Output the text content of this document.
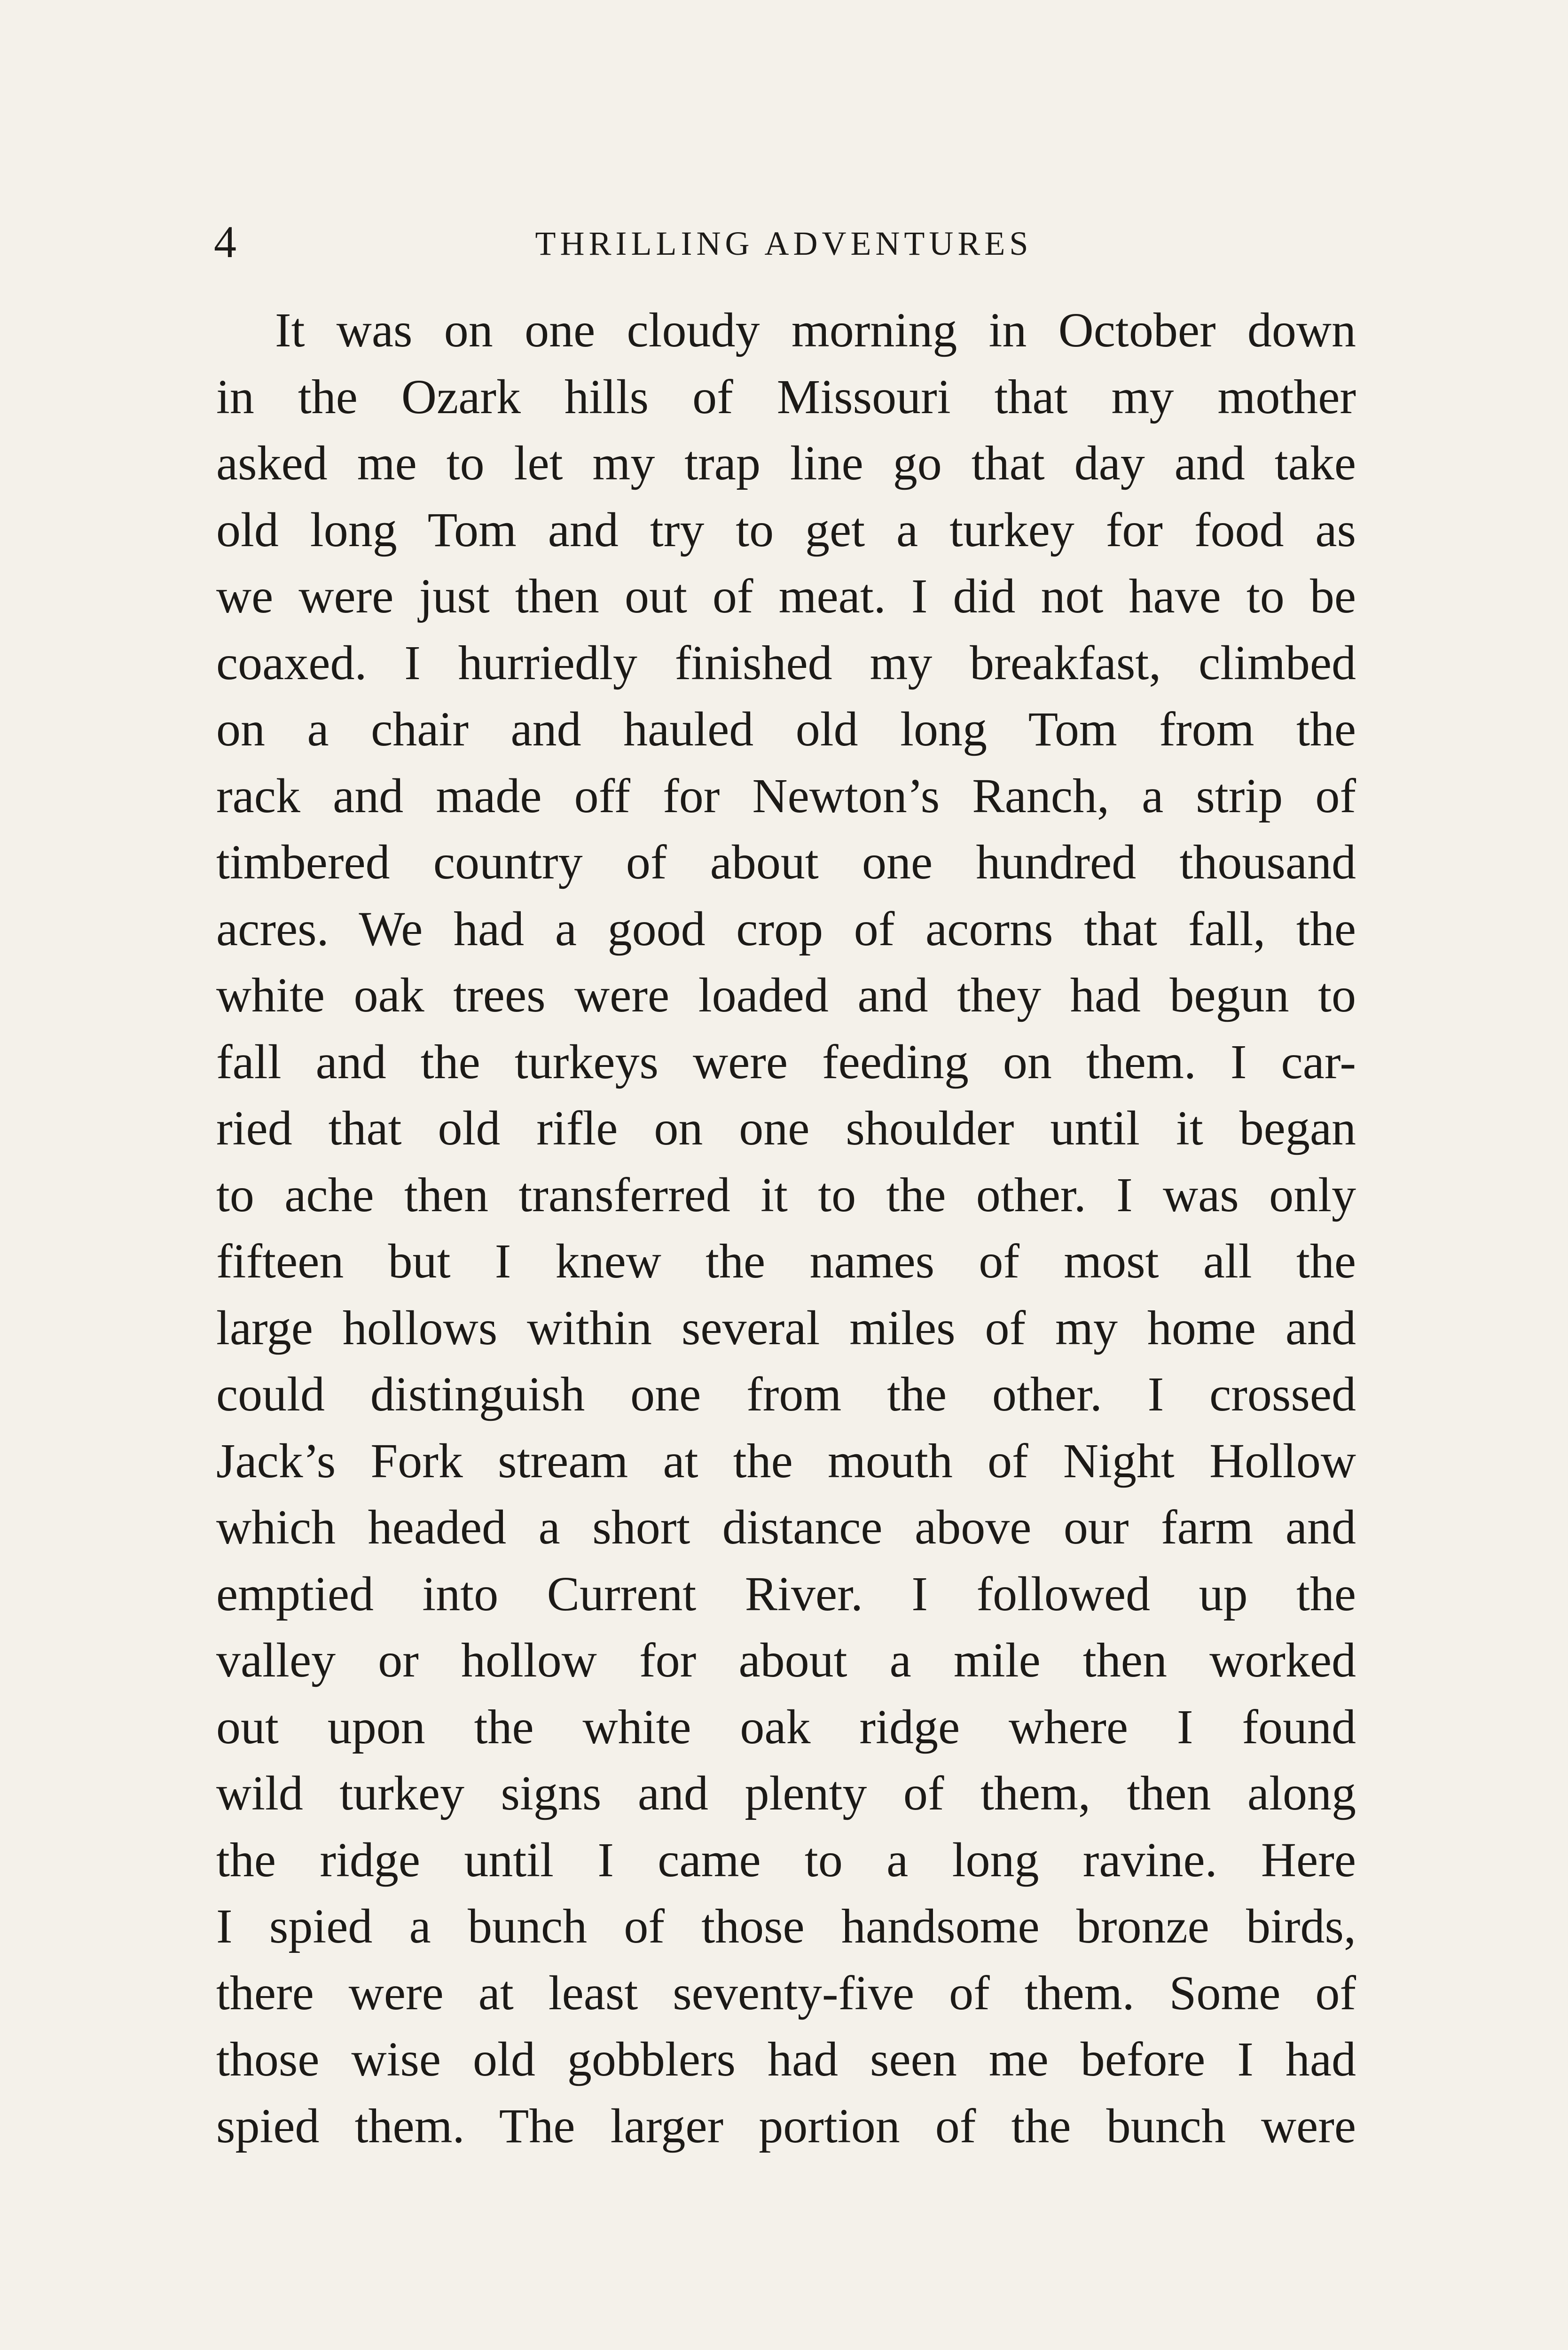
4	THRILLING ADVENTURES
It was on one cloudy morning in October down
in the Ozark hills of Missouri that my mother
asked me to let my trap line go that day and take
old long Tom and try to get a turkey for food as
we were just then out of meat. I did not have to be
coaxed. I hurriedly finished my breakfast, climbed
on a chair and hauled old long Tom from the
rack and made off for Newton’s Ranch, a strip of
timbered country of about one hundred thousand
acres. We had a good crop of acorns that fall, the
white oak trees were loaded and they had begun to
fall and the turkeys were feeding on them. I car-
ried that old rifle on one shoulder until it began
to ache then transferred it to the other. I was only
fifteen but I knew the names of most all the
large hollows within several miles of my home and
could distinguish one from the other. I crossed
Jack’s Fork stream at the mouth of Night Hollow
which headed a short distance above our farm and
emptied into Current River. I followed up the
valley or hollow for about a mile then worked
out upon the white oak ridge where I found
wild turkey signs and plenty of them, then along
the ridge until I came to a long ravine. Here
I spied a bunch of those handsome bronze birds,
there were at least seventy-five of them. Some of
those wise old gobblers had seen me before I had
spied them. The larger portion of the bunch were
